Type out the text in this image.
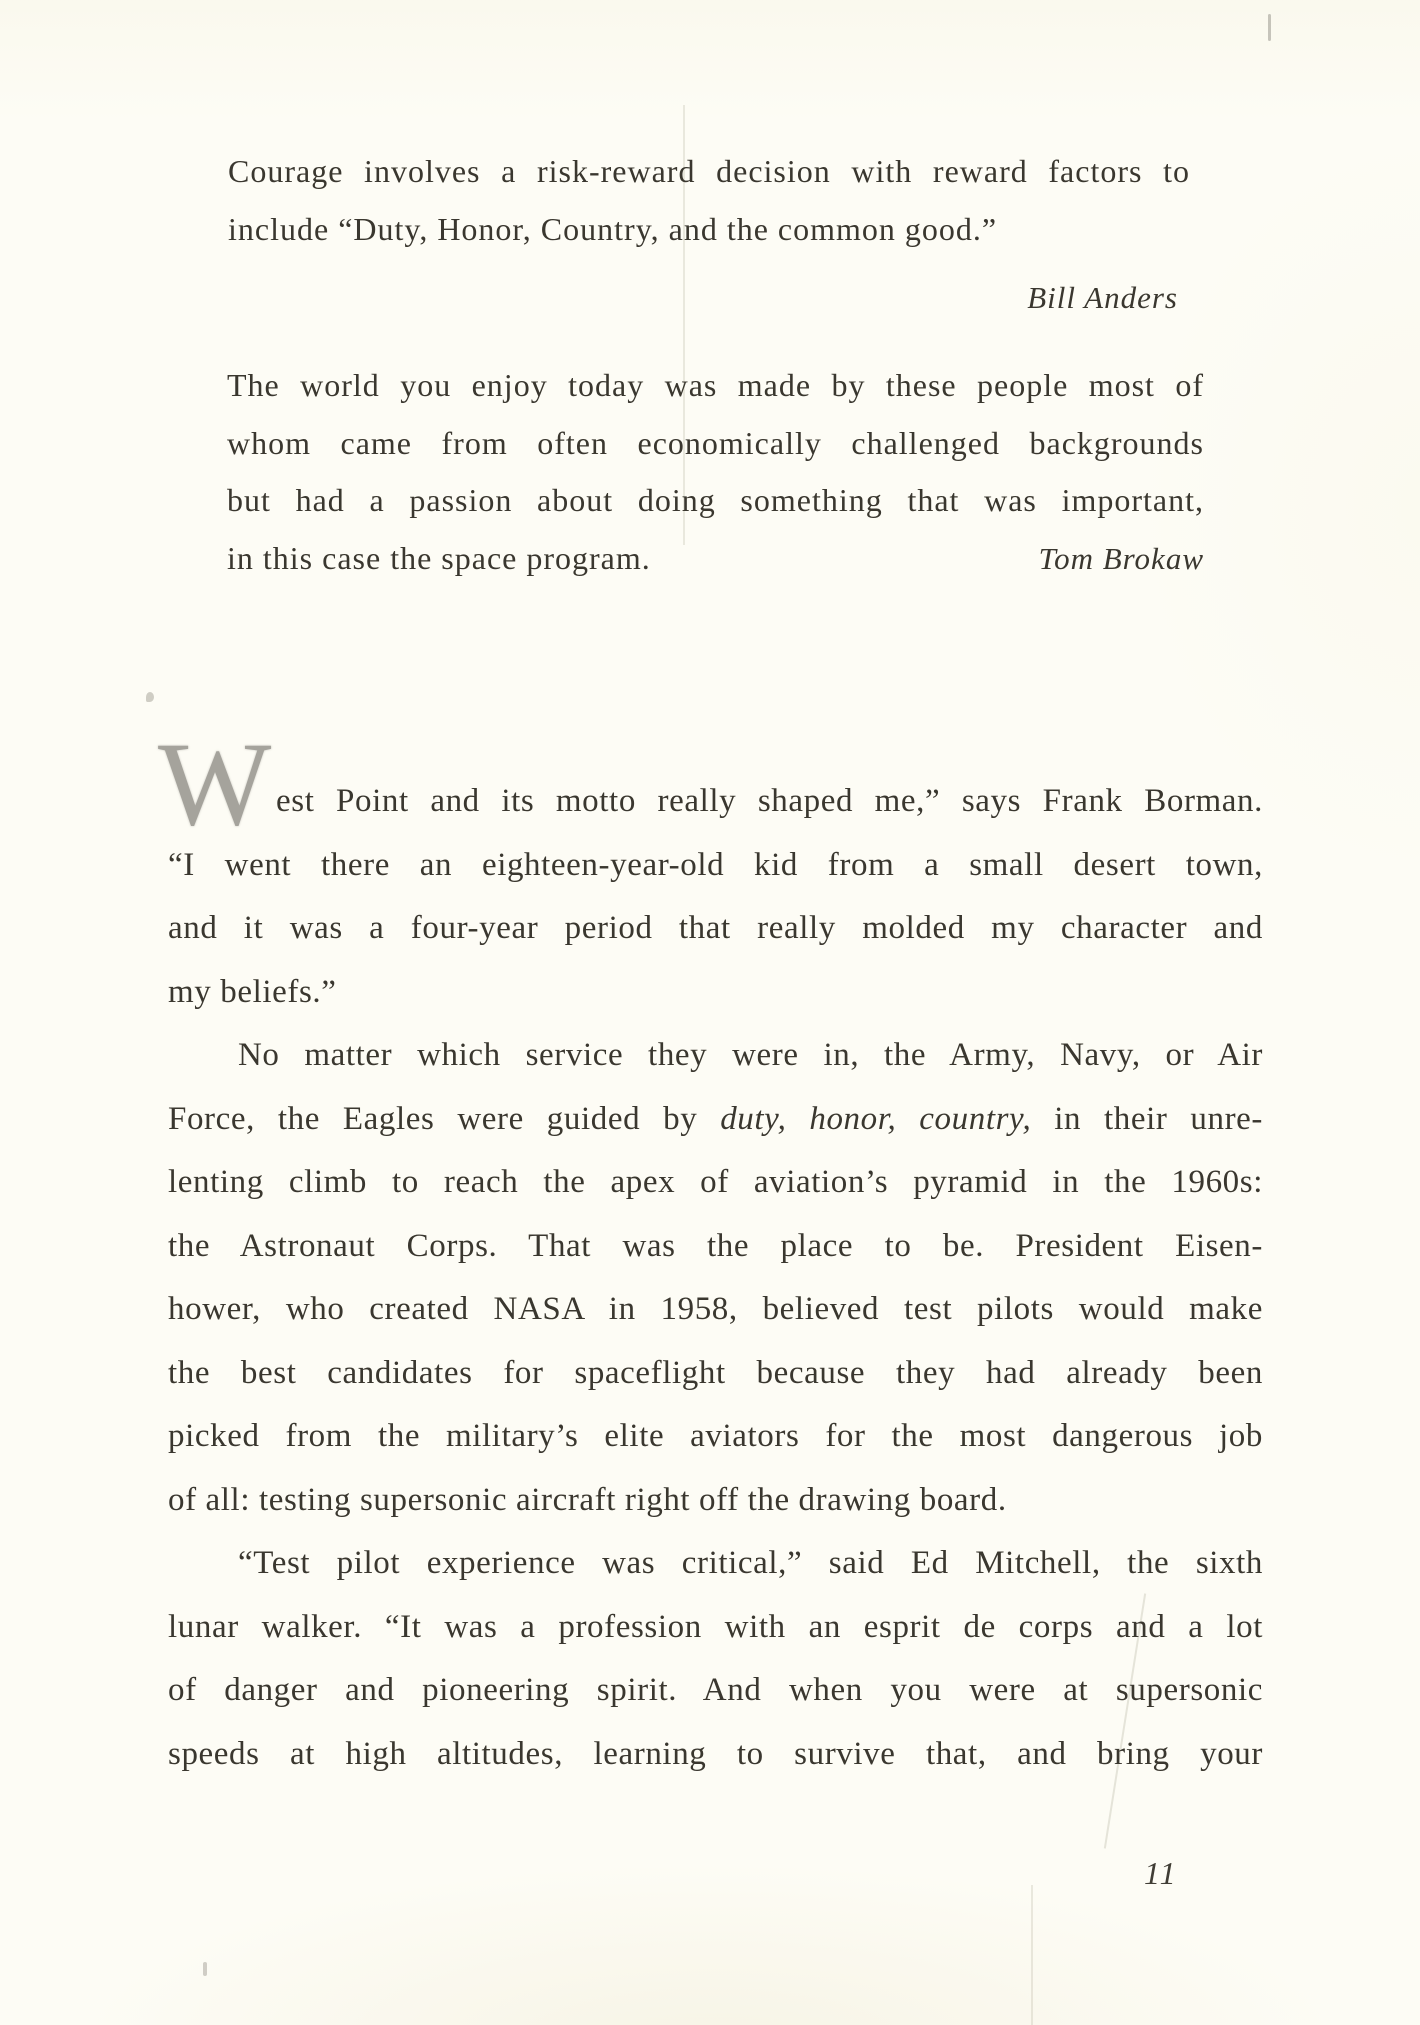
Courage involves a risk-reward decision with reward factors to
include “Duty, Honor, Country, and the common good.”
Bill Anders
The world you enjoy today was made by these people most of
whom came from often economically challenged backgrounds
but had a passion about doing something that was important,
in this case the space program.	Tom Brokaw
W est Point and its motto really shaped me,” says Frank Borman.
“I went there an eighteen-year-old kid from a small desert town,
and it was a four-year period that really molded my character and
my beliefs.”
No matter which service they were in, the Army, Navy, or Air
Force, the Eagles were guided by duty, honor, country, in their unre-
lenting climb to reach the apex of aviation’s pyramid in the 1960s:
the Astronaut Corps. That was the place to be. President Eisen-
hower, who created NASA in 1958, believed test pilots would make
the best candidates for spaceflight because they had already been
picked from the military’s elite aviators for the most dangerous job
of all: testing supersonic aircraft right off the drawing board.
“Test pilot experience was critical,” said Ed Mitchell, the sixth
lunar walker. “It was a profession with an esprit de corps and a lot
of danger and pioneering spirit. And when you were at supersonic
speeds at high altitudes, learning to survive that, and bring your
11
